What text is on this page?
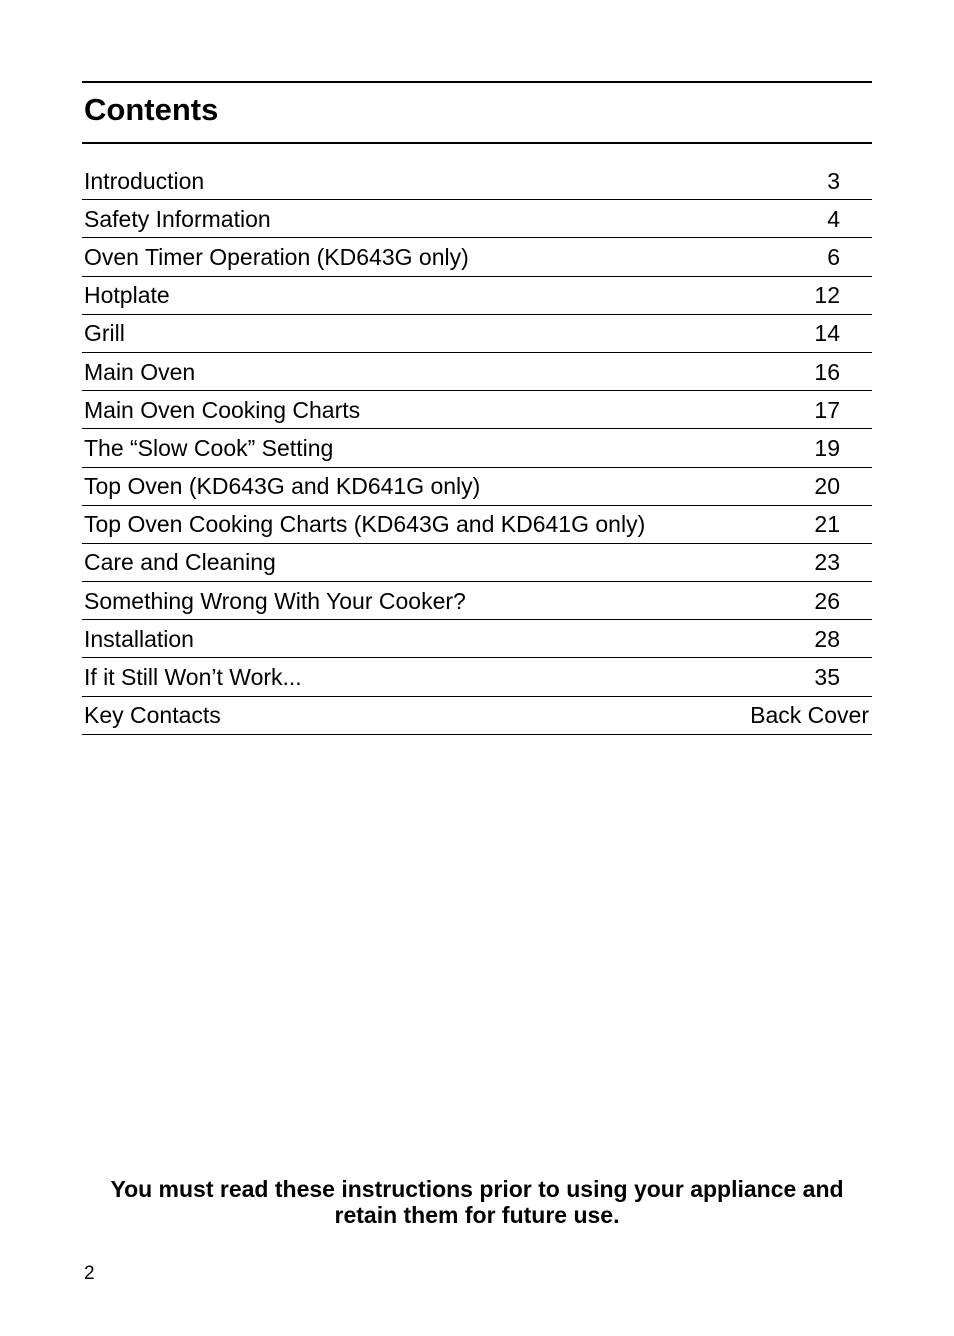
Contents
Introduction	3
Safety Information	4
Oven Timer Operation (KD643G only)	6
Hotplate	12
Grill	14
Main Oven	16
Main Oven Cooking Charts	17
The “Slow Cook” Setting	19
Top Oven (KD643G and KD641G only)	20
Top Oven Cooking Charts (KD643G and KD641G only)	21
Care and Cleaning	23
Something Wrong With Your Cooker?	26
Installation	28
If it Still Won’t Work...	35
Key Contacts	Back Cover

You must read these instructions prior to using your appliance and
retain them for future use.

2
